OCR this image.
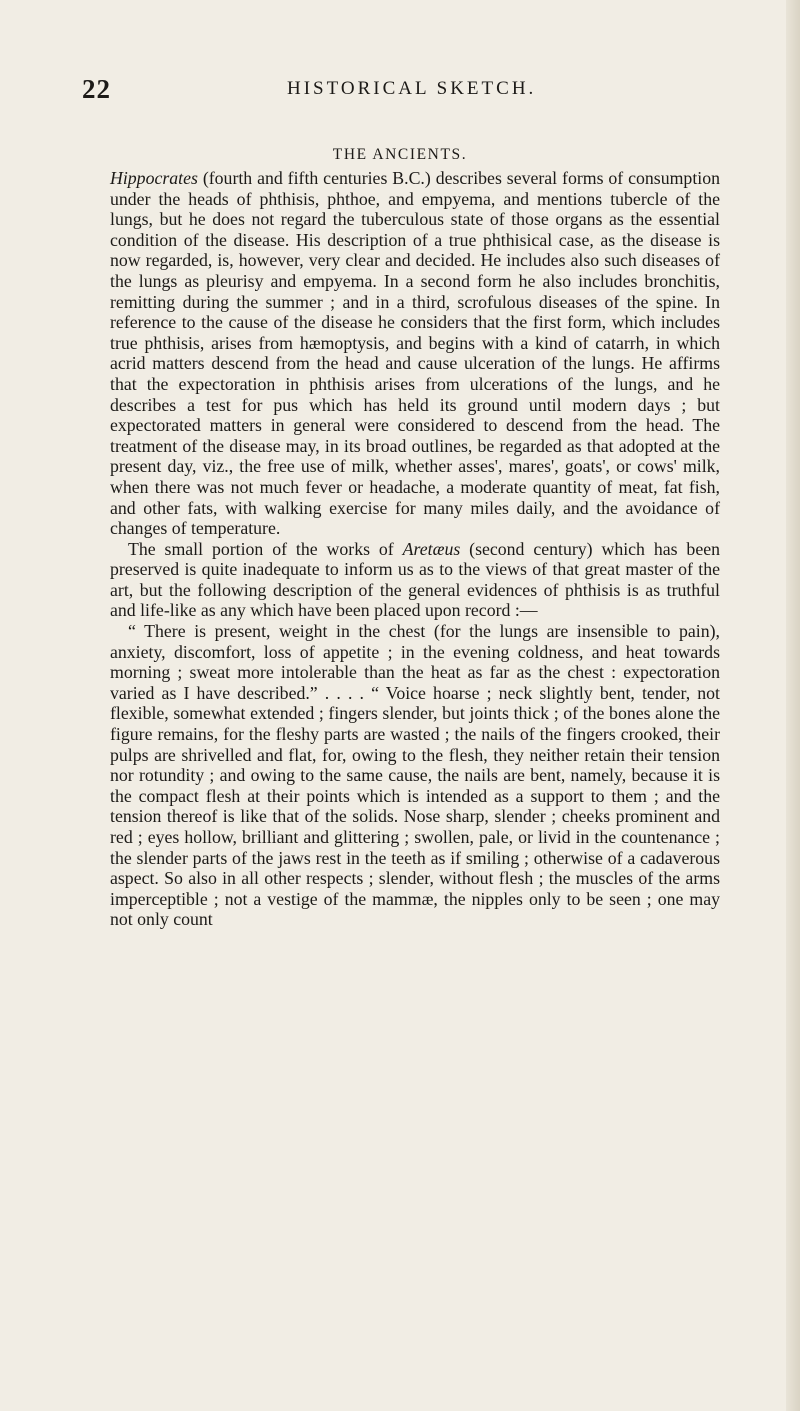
22	HISTORICAL SKETCH.
THE ANCIENTS.

Hippocrates (fourth and fifth centuries B.C.) describes several forms of consumption under the heads of phthisis, phthoe, and empyema, and mentions tubercle of the lungs, but he does not regard the tuberculous state of those organs as the essential condition of the disease. His description of a true phthisical case, as the disease is now regarded, is, however, very clear and decided. He includes also such diseases of the lungs as pleurisy and empyema. In a second form he also includes bronchitis, remitting during the summer ; and in a third, scrofulous diseases of the spine. In reference to the cause of the disease he considers that the first form, which includes true phthisis, arises from hæmoptysis, and begins with a kind of catarrh, in which acrid matters descend from the head and cause ulceration of the lungs. He affirms that the expectoration in phthisis arises from ulcerations of the lungs, and he describes a test for pus which has held its ground until modern days ; but expectorated matters in general were considered to descend from the head. The treatment of the disease may, in its broad outlines, be regarded as that adopted at the present day, viz., the free use of milk, whether asses', mares', goats', or cows' milk, when there was not much fever or headache, a moderate quantity of meat, fat fish, and other fats, with walking exercise for many miles daily, and the avoidance of changes of temperature.

The small portion of the works of Aretæus (second century) which has been preserved is quite inadequate to inform us as to the views of that great master of the art, but the following description of the general evidences of phthisis is as truthful and life-like as any which have been placed upon record :—

“ There is present, weight in the chest (for the lungs are insensible to pain), anxiety, discomfort, loss of appetite ; in the evening coldness, and heat towards morning ; sweat more intolerable than the heat as far as the chest : expectoration varied as I have described.” . . . . “ Voice hoarse ; neck slightly bent, tender, not flexible, somewhat extended ; fingers slender, but joints thick ; of the bones alone the figure remains, for the fleshy parts are wasted ; the nails of the fingers crooked, their pulps are shrivelled and flat, for, owing to the flesh, they neither retain their tension nor rotundity ; and owing to the same cause, the nails are bent, namely, because it is the compact flesh at their points which is intended as a support to them ; and the tension thereof is like that of the solids. Nose sharp, slender ; cheeks prominent and red ; eyes hollow, brilliant and glittering ; swollen, pale, or livid in the countenance ; the slender parts of the jaws rest in the teeth as if smiling ; otherwise of a cadaverous aspect. So also in all other respects ; slender, without flesh ; the muscles of the arms imperceptible ; not a vestige of the mammæ, the nipples only to be seen ; one may not only count
